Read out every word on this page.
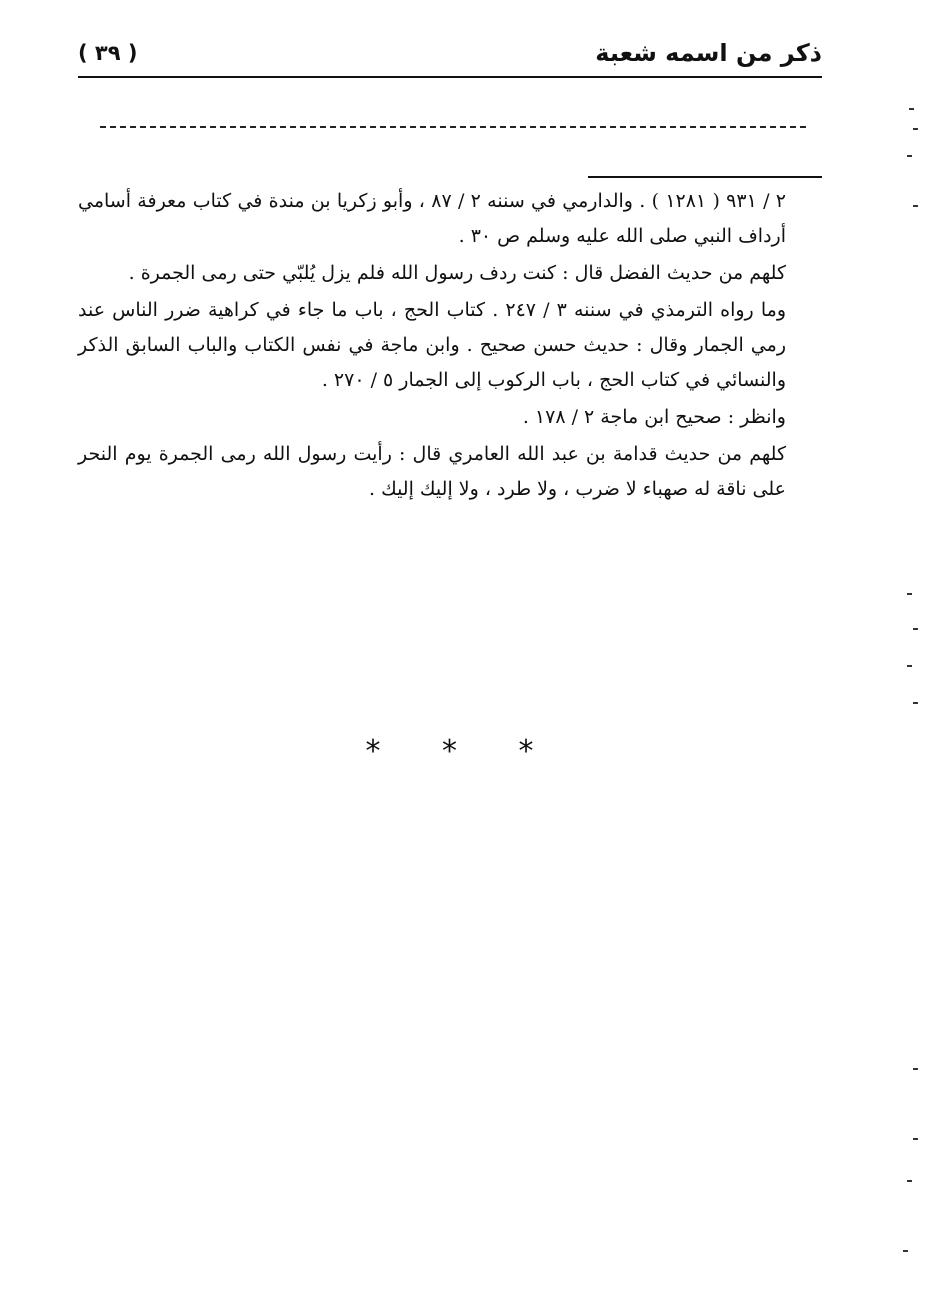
ذكر من اسمه شعبة
( ٣٩ )

٢ / ٩٣١ ( ١٢٨١ ) . والدارمي في سننه ٢ / ٨٧ ، وأبو زكريا بن مندة في كتاب معرفة أسامي أرداف النبي صلى الله عليه وسلم ص ٣٠ .

كلهم من حديث الفضل قال : كنت ردف رسول الله فلم يزل يُلبّي حتى رمى الجمرة .

وما رواه الترمذي في سننه ٣ / ٢٤٧ . كتاب الحج ، باب ما جاء في كراهية ضرر الناس عند رمي الجمار وقال : حديث حسن صحيح . وابن ماجة في نفس الكتاب والباب السابق الذكر والنسائي في كتاب الحج ، باب الركوب إلى الجمار ٥ / ٢٧٠ .

وانظر : صحيح ابن ماجة ٢ / ١٧٨ .

كلهم من حديث قدامة بن عبد الله العامري قال : رأيت رسول الله رمى الجمرة يوم النحر على ناقة له صهباء لا ضرب ، ولا طرد ، ولا إليك إليك .

* * *
